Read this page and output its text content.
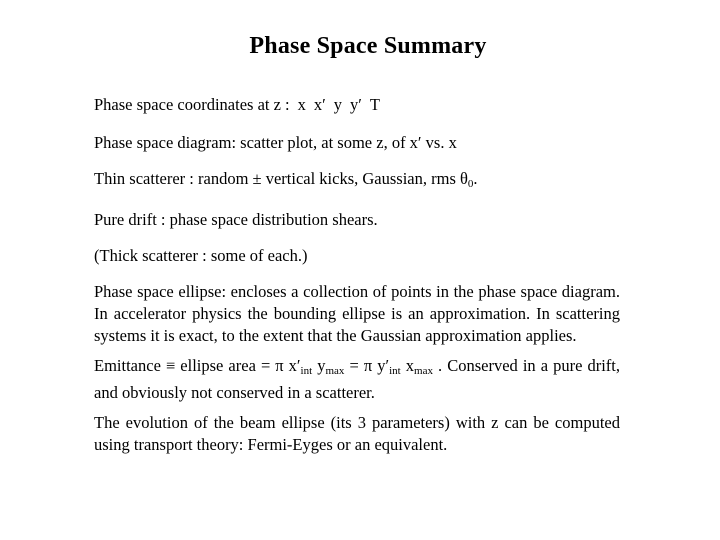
Phase Space Summary

Phase space coordinates at z : x x′ y y′ T

Phase space diagram: scatter plot, at some z, of x′ vs. x

Thin scatterer : random ± vertical kicks, Gaussian, rms $\theta_0$.

Pure drift : phase space distribution shears.

(Thick scatterer : some of each.)

Phase space ellipse: encloses a collection of points in the phase space diagram. In accelerator physics the bounding ellipse is an approximation. In scattering systems it is exact, to the extent that the Gaussian approximation applies.

Emittance ≡ ellipse area = π $x'_{int}$ $y_{max} = \pi$ $y'_{int}$ $x_{max}$ . Conserved in a pure drift, and obviously not conserved in a scatterer.

The evolution of the beam ellipse (its 3 parameters) with z can be computed using transport theory: Fermi-Eyges or an equivalent.
